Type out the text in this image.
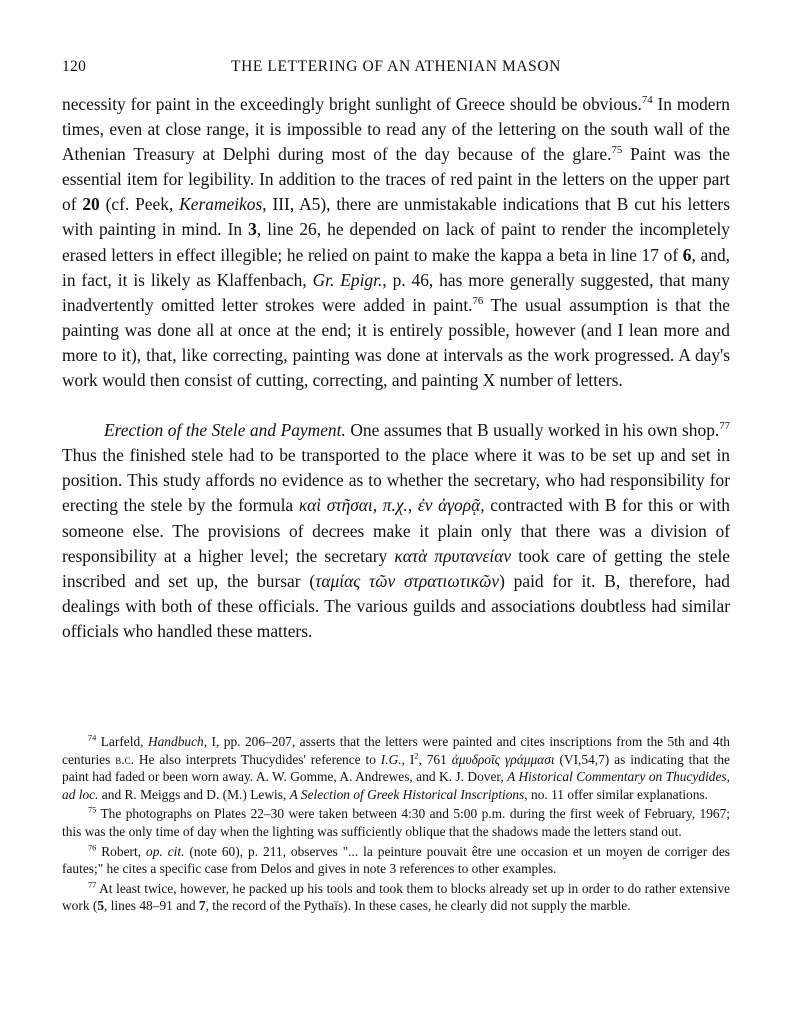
120	THE LETTERING OF AN ATHENIAN MASON

necessity for paint in the exceedingly bright sunlight of Greece should be obvious.$^{74}$ In modern times, even at close range, it is impossible to read any of the lettering on the south wall of the Athenian Treasury at Delphi during most of the day because of the glare.$^{75}$ Paint was the essential item for legibility. In addition to the traces of red paint in the letters on the upper part of 20 (cf. Peek, Kerameikos, III, A5), there are unmistakable indications that B cut his letters with painting in mind. In 3, line 26, he depended on lack of paint to render the incompletely erased letters in effect illegible; he relied on paint to make the kappa a beta in line 17 of 6, and, in fact, it is likely as Klaffenbach, Gr. Epigr., p. 46, has more generally suggested, that many inadvertently omitted letter strokes were added in paint.$^{76}$ The usual assumption is that the painting was done all at once at the end; it is entirely possible, however (and I lean more and more to it), that, like correcting, painting was done at intervals as the work progressed. A day's work would then consist of cutting, correcting, and painting X number of letters.

Erection of the Stele and Payment. One assumes that B usually worked in his own shop.$^{77}$ Thus the finished stele had to be transported to the place where it was to be set up and set in position. This study affords no evidence as to whether the secretary, who had responsibility for erecting the stele by the formula καὶ στῆσαι, π.χ., ἐν ἀγορᾷ, contracted with B for this or with someone else. The provisions of decrees make it plain only that there was a division of responsibility at a higher level; the secretary κατὰ πρυτανείαν took care of getting the stele inscribed and set up, the bursar (ταμίας τῶν στρατιωτικῶν) paid for it. B, therefore, had dealings with both of these officials. The various guilds and associations doubtless had similar officials who handled these matters.

$^{74}$ Larfeld, Handbuch, I, pp. 206–207, asserts that the letters were painted and cites inscriptions from the 5th and 4th centuries b.c. He also interprets Thucydides' reference to I.G., $I^2$, 761 ἀμυδροῖς γράμμασι (VI,54,7) as indicating that the paint had faded or been worn away. A. W. Gomme, A. Andrewes, and K. J. Dover, A Historical Commentary on Thucydides, ad loc. and R. Meiggs and D. (M.) Lewis, A Selection of Greek Historical Inscriptions, no. 11 offer similar explanations.

$^{75}$ The photographs on Plates 22–30 were taken between 4:30 and 5:00 p.m. during the first week of February, 1967; this was the only time of day when the lighting was sufficiently oblique that the shadows made the letters stand out.

$^{76}$ Robert, op. cit. (note 60), p. 211, observes "... la peinture pouvait être une occasion et un moyen de corriger des fautes;" he cites a specific case from Delos and gives in note 3 references to other examples.

$^{77}$ At least twice, however, he packed up his tools and took them to blocks already set up in order to do rather extensive work (5, lines 48–91 and 7, the record of the Pythaïs). In these cases, he clearly did not supply the marble.
